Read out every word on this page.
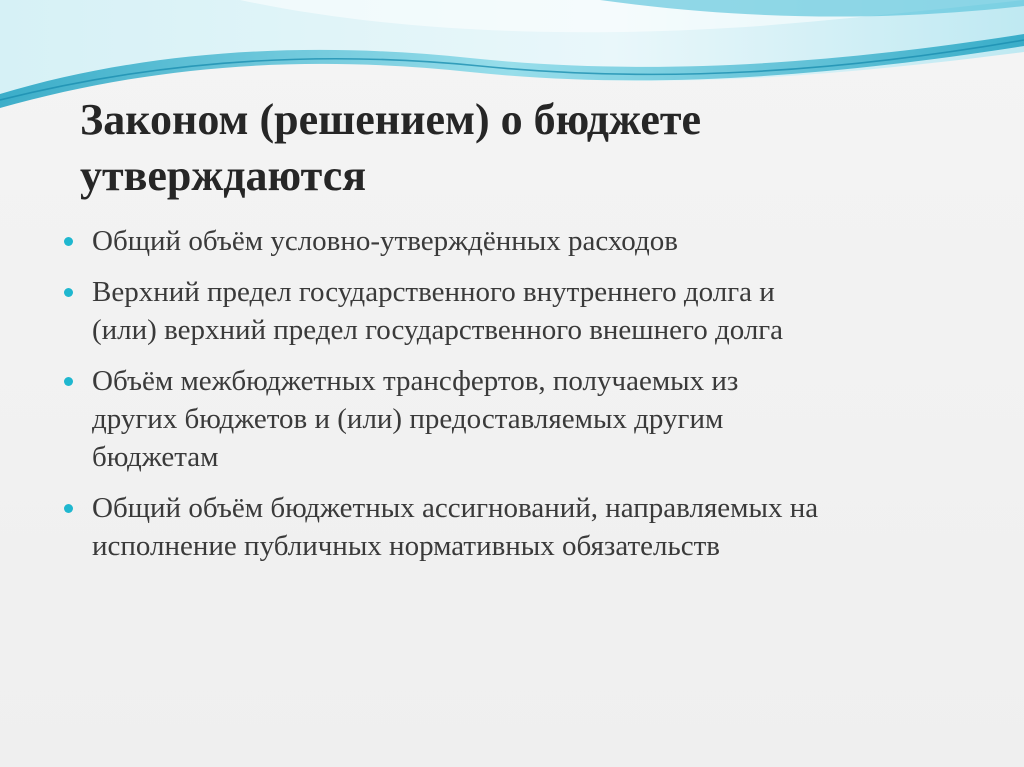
Законом (решением) о бюджете
утверждаются
Общий объём условно-утверждённых расходов
Верхний предел государственного внутреннего долга и
(или) верхний предел государственного внешнего долга
Объём межбюджетных трансфертов, получаемых из
других бюджетов и (или) предоставляемых другим
бюджетам
Общий объём бюджетных ассигнований, направляемых на
исполнение публичных нормативных обязательств
